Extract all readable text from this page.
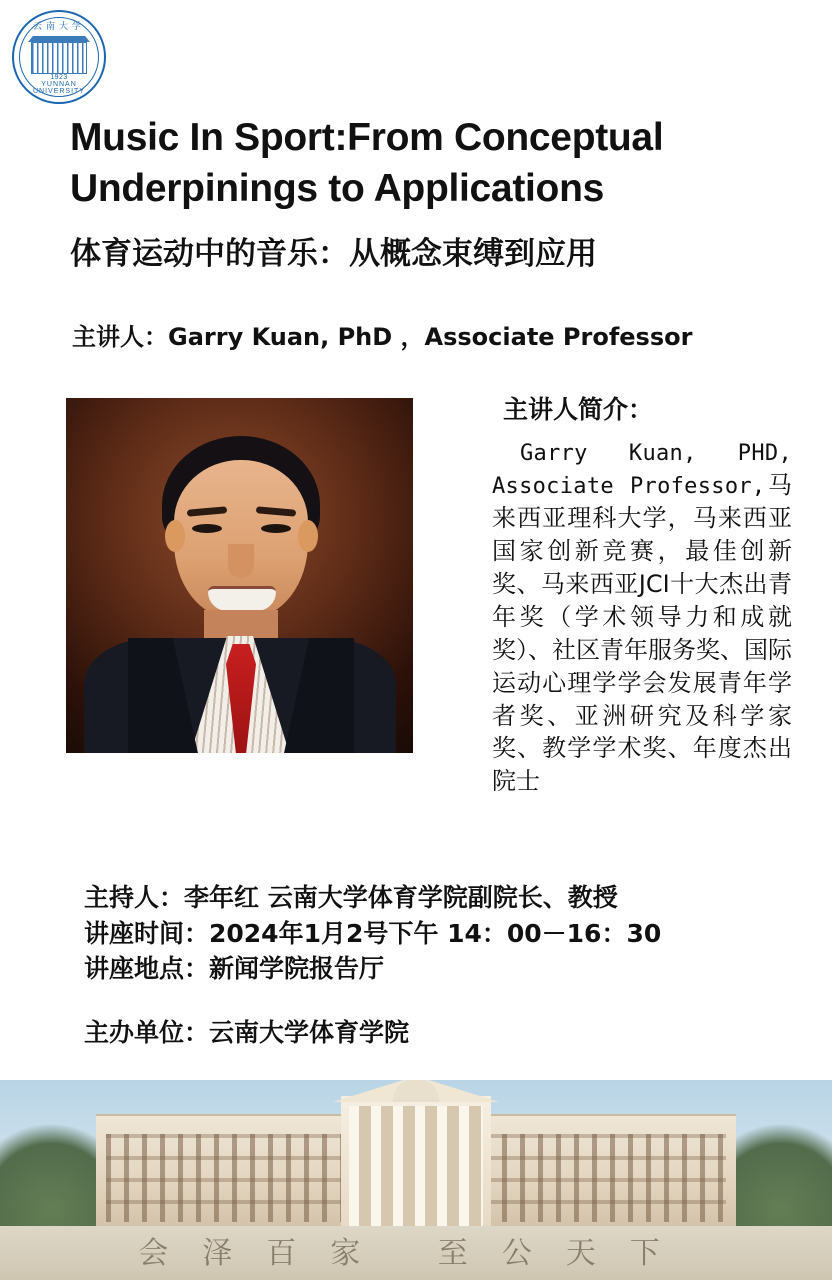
云南大学
1923
YUNNAN UNIVERSITY
Music In Sport:From Conceptual Underpinings to Applications
体育运动中的音乐：从概念束缚到应用
主讲人：Garry Kuan, PhD ，Associate Professor
主讲人简介：
Garry Kuan, PHD, Associate Professor,马来西亚理科大学，马来西亚国家创新竞赛，最佳创新奖、马来西亚JCI十大杰出青年奖（学术领导力和成就奖）、社区青年服务奖、国际运动心理学学会发展青年学者奖、亚洲研究及科学家奖、教学学术奖、年度杰出院士
主持人：李年红 云南大学体育学院副院长、教授
讲座时间：2024年1月2号下午 14：00－16：30
讲座地点：新闻学院报告厅
主办单位：云南大学体育学院
会泽百家 至公天下
